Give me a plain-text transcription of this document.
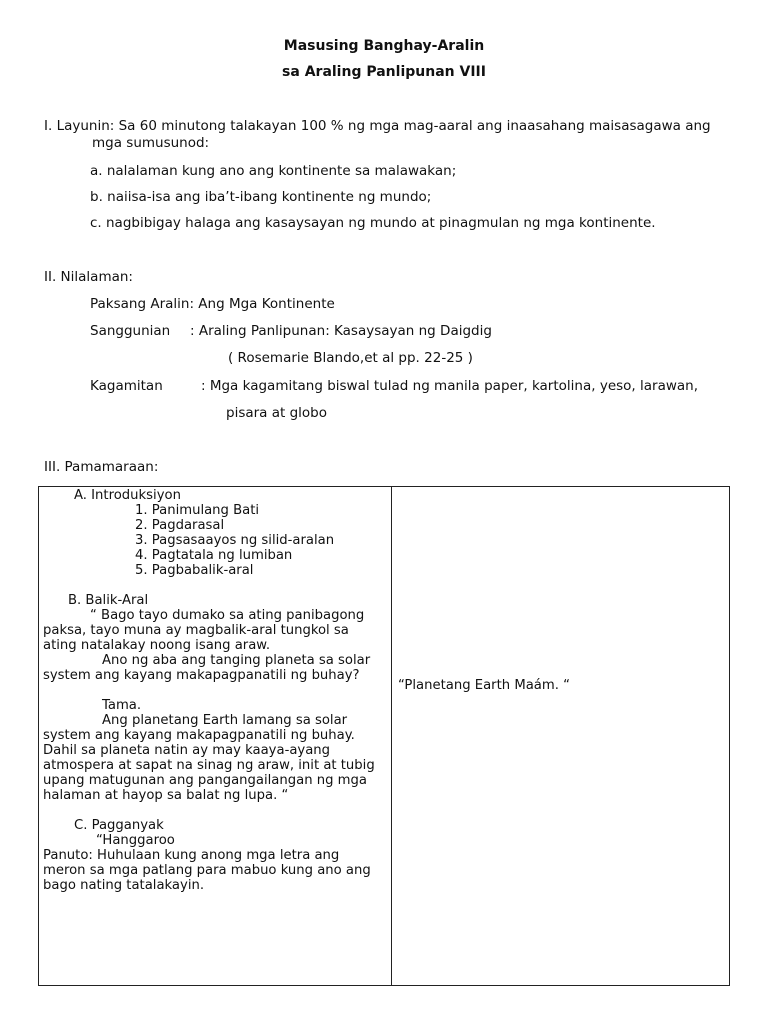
Masusing Banghay-Aralin
sa Araling Panlipunan VIII
I. Layunin: Sa 60 minutong talakayan 100 % ng mga mag-aaral ang inaasahang maisasagawa ang
mga sumusunod:
a. nalalaman kung ano ang kontinente sa malawakan;
b. naiisa-isa ang iba’t-ibang kontinente ng mundo;
c. nagbibigay halaga ang kasaysayan ng mundo at pinagmulan ng mga kontinente.
II. Nilalaman:
Paksang Aralin: Ang Mga Kontinente
Sanggunian : Araling Panlipunan: Kasaysayan ng Daigdig
( Rosemarie Blando,et al pp. 22-25 )
Kagamitan	: Mga kagamitang biswal tulad ng manila paper, kartolina, yeso, larawan,
pisara at globo
III. Pamamaraan:
A. Introduksiyon
1. Panimulang Bati
2. Pagdarasal
3. Pagsasaayos ng silid-aralan
4. Pagtatala ng lumiban
5. Pagbabalik-aral
B. Balik-Aral
“ Bago tayo dumako sa ating panibagong
paksa, tayo muna ay magbalik-aral tungkol sa
ating natalakay noong isang araw.
Ano ng aba ang tanging planeta sa solar
system ang kayang makapagpanatili ng buhay?
Tama.
Ang planetang Earth lamang sa solar
system ang kayang makapagpanatili ng buhay.
Dahil sa planeta natin ay may kaaya-ayang
atmospera at sapat na sinag ng araw, init at tubig
upang matugunan ang pangangailangan ng mga
halaman at hayop sa balat ng lupa. “
C. Pagganyak
“Hanggaroo
Panuto: Huhulaan kung anong mga letra ang
meron sa mga patlang para mabuo kung ano ang
bago nating tatalakayin.
“Planetang Earth Maám. “
